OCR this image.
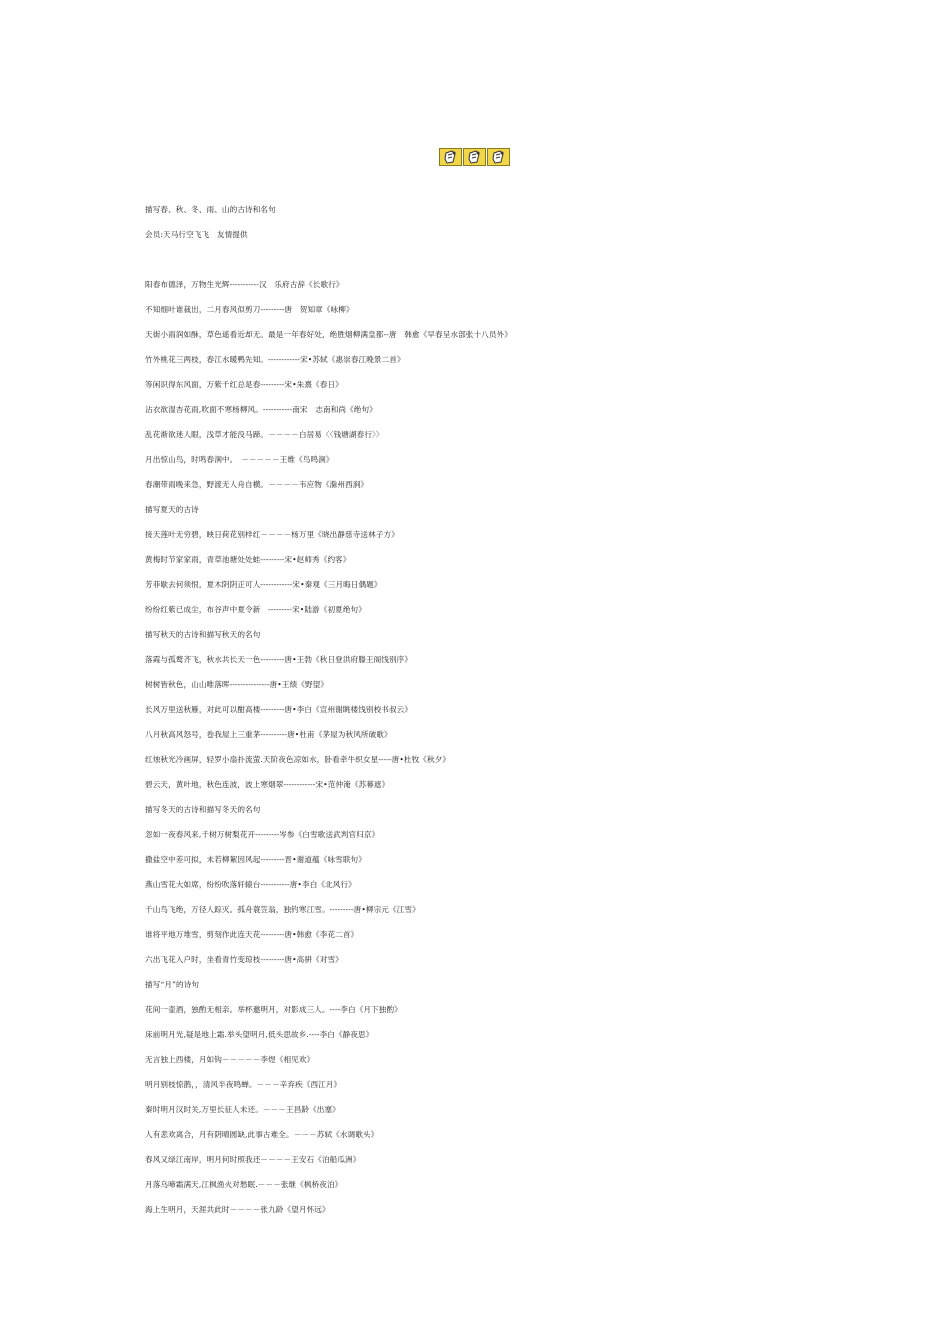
描写春、秋、冬、雨、山的古诗和名句
会员:天马行空飞飞　友情提供
阳春布德泽，万物生光辉-----------汉　乐府古辞《长歌行》
不知细叶谁裁出，二月春风似剪刀---------唐　贺知章《咏柳》
天街小雨润如酥，草色遥看近却无。最是一年春好处，绝胜烟柳满皇都--唐　韩愈《早春呈水部张十八员外》
竹外桃花三两枝，春江水暖鸭先知。------------宋•苏轼《惠崇春江晚景二首》
等闲识得东风面，万紫千红总是春---------宋•朱熹《春日》
沾衣欲湿杏花雨,吹面不寒杨柳风。-----------南宋　志南和尚《绝句》
乱花渐欲迷人眼，浅草才能没马蹄。－－－－白居易〈〈钱塘湖春行〉〉
月出惊山鸟，时鸣春涧中。　－－－－－王维《鸟鸣涧》
春潮带雨晚来急，野渡无人舟自横。－－－－韦应物《滁州西涧》
描写夏天的古诗
接天莲叶无穷碧，映日荷花别样红－－－－杨万里《晓出静慈寺送林子方》
黄梅时节家家雨，青草池塘处处蛙---------宋•赵师秀《约客》
芳菲歇去何须恨，夏木阴阴正可人------------宋•秦观《三月晦日偶题》
纷纷红紫已成尘，布谷声中夏令新　---------宋•陆游《初夏绝句》
描写秋天的古诗和描写秋天的名句
落霞与孤鹜齐飞，秋水共长天一色---------唐•王勃《秋日登洪府滕王阁饯别序》
树树皆秋色，山山唯落晖---------------唐•王绩《野望》
长风万里送秋雁，对此可以酣高楼---------唐•李白《宣州谢眺楼饯别校书叔云》
八月秋高风怒号，卷我屋上三重茅----------唐•杜甫《茅屋为秋风所破歌》
红烛秋光冷画屏，轻罗小扇扑流萤.天阶夜色凉如水，卧看牵牛织女星-----唐•杜牧《秋夕》
碧云天，黄叶地，秋色连波，波上寒烟翠------------宋•范仲淹《苏幕遮》
描写冬天的古诗和描写冬天的名句
忽如一夜春风来,千树万树梨花开---------岑参《白雪歌送武判官归京》
撒盐空中差可拟，未若柳絮因风起---------晋•谢道蕴《咏雪联句》
燕山雪花大如席，纷纷吹落轩辕台-----------唐•李白《北风行》
千山鸟飞绝，万径人踪灭。孤舟蓑笠翁，独钓寒江雪。---------唐•柳宗元《江雪》
谁将平地万堆雪，剪刻作此连天花---------唐•韩愈《李花二首》
六出飞花入户时，坐看青竹变琼枝---------唐•高骈《对雪》
描写“月”的诗句
花间一壶酒，独酌无相亲。举杯邀明月，对影成三人。----李白《月下独酌》
床前明月光,疑是地上霜.举头望明月,低头思故乡.----李白《静夜思》
无言独上西楼，月如钩－－－－－李煜《相见欢》
明月别枝惊鹊，，清风半夜鸣蝉。－－－辛弃疾《西江月》
秦时明月汉时关,万里长征人未还。－－－王昌龄《出塞》
人有悲欢离合，月有阴晴圆缺,此事古难全。－－－苏轼《水调歌头》
春风又绿江南岸，明月何时照我还－－－－王安石《泊船瓜洲》
月落乌啼霜满天,江枫渔火对愁眠.－－－张继《枫桥夜泊》
海上生明月，天涯共此时－－－－张九龄《望月怀远》
